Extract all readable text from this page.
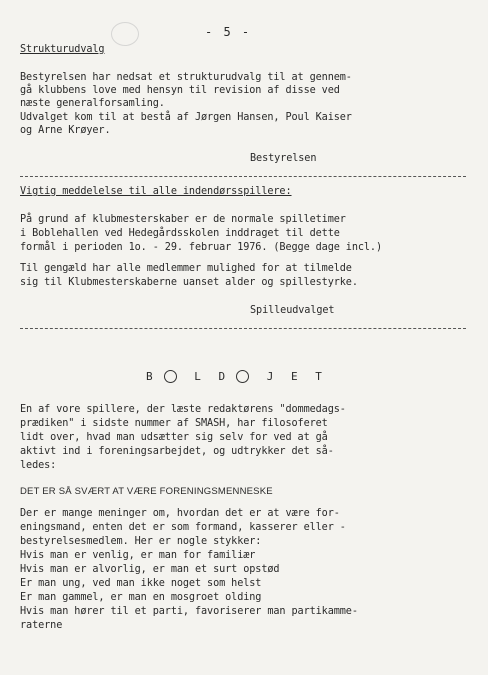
- 5 -
Strukturudvalg
Bestyrelsen har nedsat et strukturudvalg til at gennem-
gå klubbens love med hensyn til revision af disse ved
næste generalforsamling.
Udvalget kom til at bestå af Jørgen Hansen, Poul Kaiser
og Arne Krøyer.
Bestyrelsen
Vigtig meddelelse til alle indendørsspillere:
På grund af klubmesterskaber er de normale spilletimer
i Boblehallen ved Hedegårdsskolen inddraget til dette
formål i perioden 1o. - 29. februar 1976. (Begge dage incl.)
Til gengæld har alle medlemmer mulighed for at tilmelde
sig til Klubmesterskaberne uanset alder og spillestyrke.
Spilleudvalget
B	L D	J E T
En af vore spillere, der læste redaktørens "dommedags-
prædiken" i sidste nummer af SMASH, har filosoferet
lidt over, hvad man udsætter sig selv for ved at gå
aktivt ind i foreningsarbejdet, og udtrykker det så-
ledes:
DET ER SÅ SVÆRT AT VÆRE FORENINGSMENNESKE
Der er mange meninger om, hvordan det er at være for-
eningsmand, enten det er som formand, kasserer eller -
bestyrelsesmedlem. Her er nogle stykker:
Hvis man er venlig, er man for familiær
Hvis man er alvorlig, er man et surt opstød
Er man ung, ved man ikke noget som helst
Er man gammel, er man en mosgroet olding
Hvis man hører til et parti, favoriserer man partikamme-
raterne
